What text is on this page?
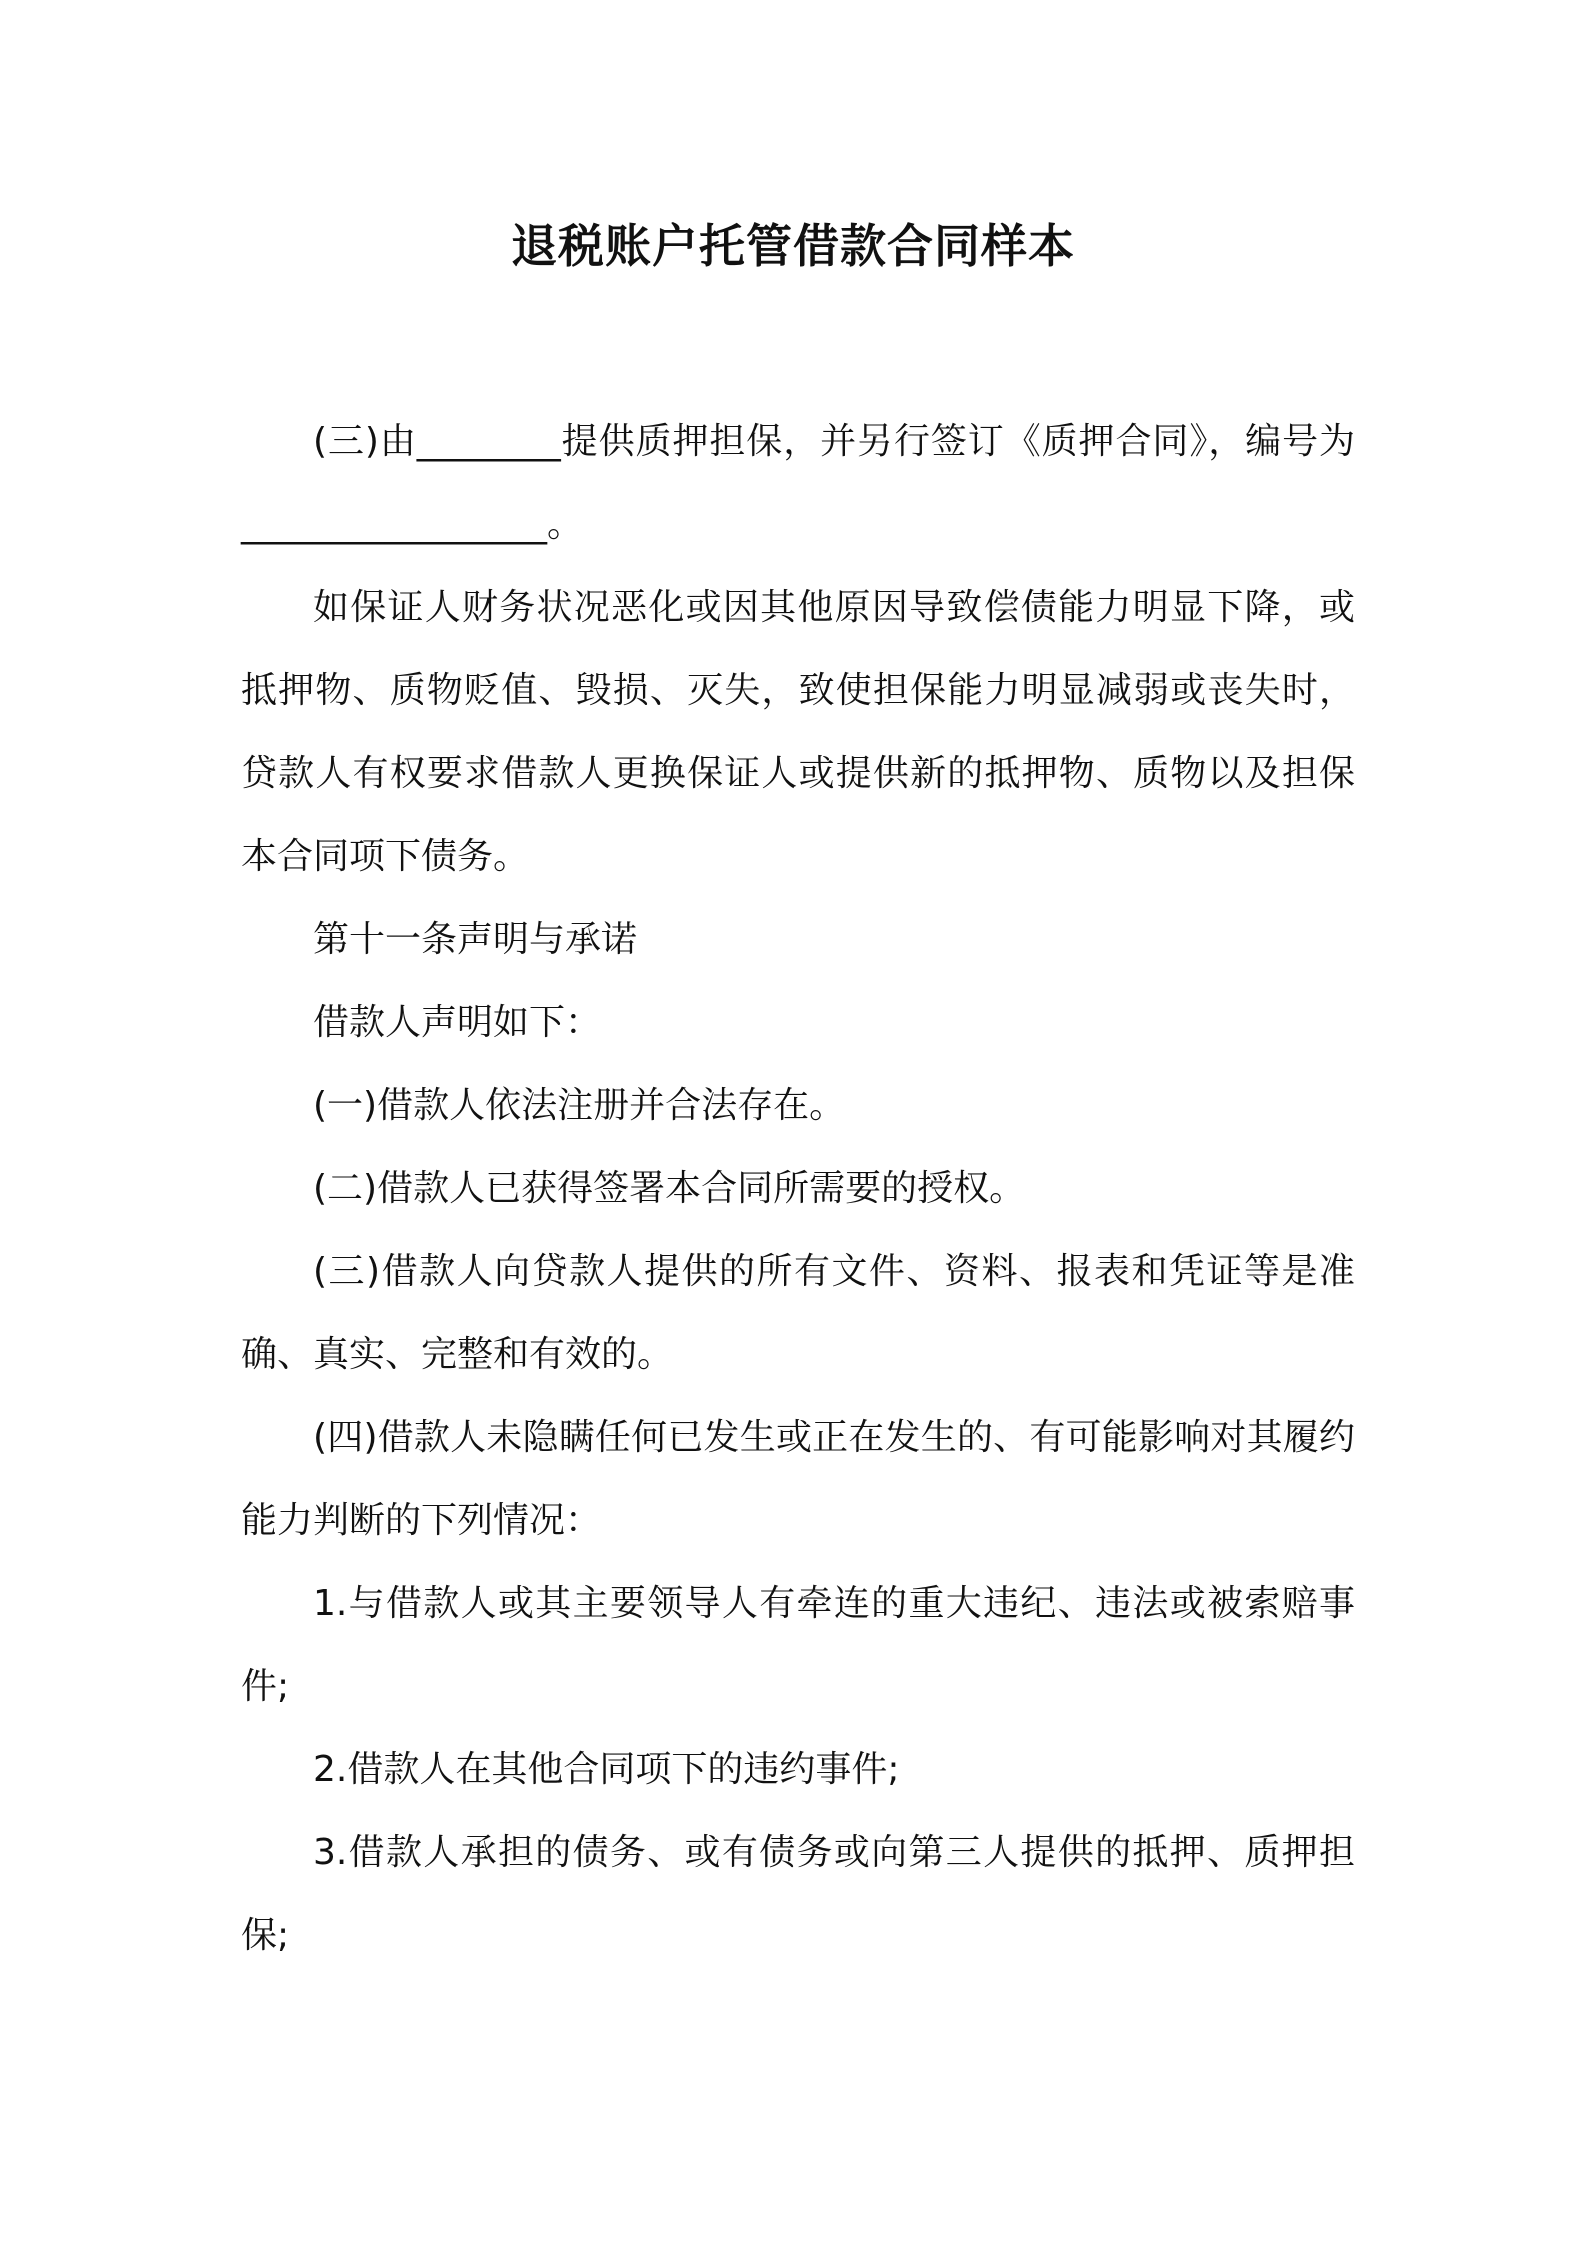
退税账户托管借款合同样本

(三)由________提供质押担保，并另行签订《质押合同》，编号为_________________。

如保证人财务状况恶化或因其他原因导致偿债能力明显下降，或抵押物、质物贬值、毁损、灭失，致使担保能力明显减弱或丧失时，贷款人有权要求借款人更换保证人或提供新的抵押物、质物以及担保本合同项下债务。

第十一条声明与承诺

借款人声明如下：

(一)借款人依法注册并合法存在。

(二)借款人已获得签署本合同所需要的授权。

(三)借款人向贷款人提供的所有文件、资料、报表和凭证等是准确、真实、完整和有效的。

(四)借款人未隐瞒任何已发生或正在发生的、有可能影响对其履约能力判断的下列情况：

1.与借款人或其主要领导人有牵连的重大违纪、违法或被索赔事件;

2.借款人在其他合同项下的违约事件;

3.借款人承担的债务、或有债务或向第三人提供的抵押、质押担保;
